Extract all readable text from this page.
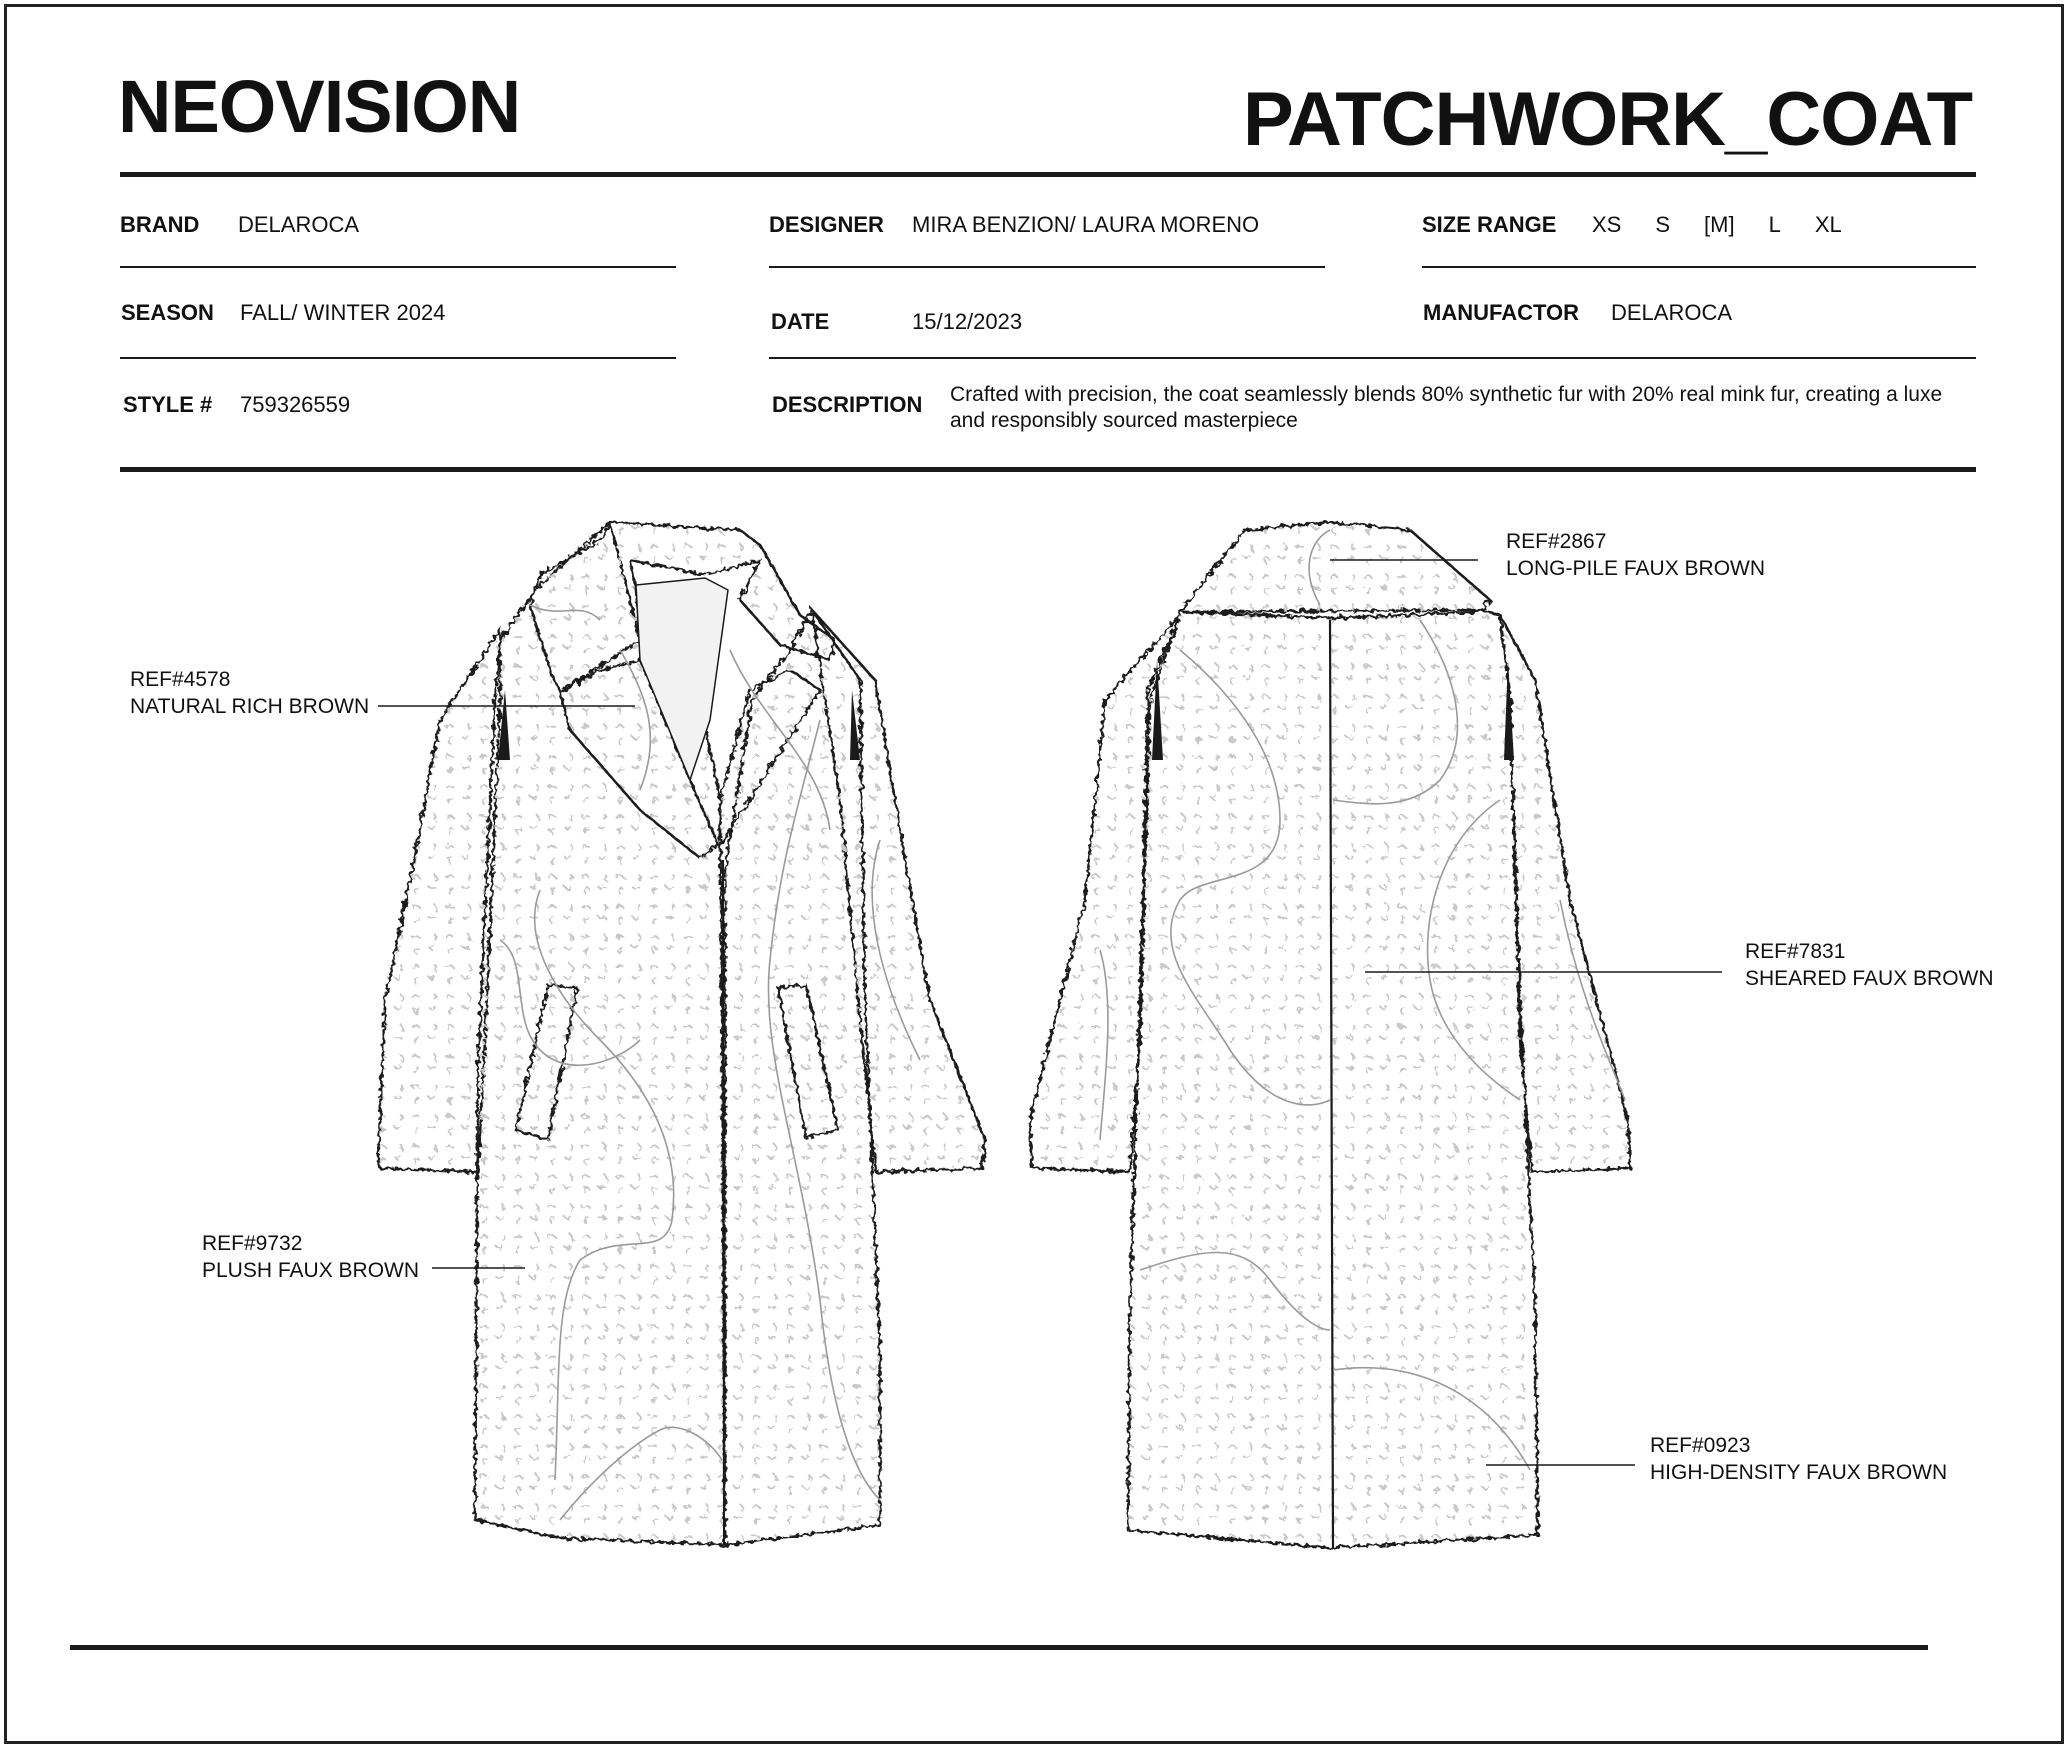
NEOVISION	PATCHWORK_COAT
BRAND DELAROCA	DESIGNER MIRA BENZION/ LAURA MORENO	SIZE RANGE XS S [M] L XL
SEASON FALL/ WINTER 2024	DATE	15/12/2023	MANUFACTOR DELAROCA
STYLE # 759326559	DESCRIPTION Crafted with precision, the coat seamlessly blends 80% synthetic fur with 20% real mink fur, creating a luxe and responsibly sourced masterpiece
REF#4578
NATURAL RICH BROWN
REF#9732
PLUSH FAUX BROWN
REF#2867
LONG-PILE FAUX BROWN
REF#7831
SHEARED FAUX BROWN
REF#0923
HIGH-DENSITY FAUX BROWN
